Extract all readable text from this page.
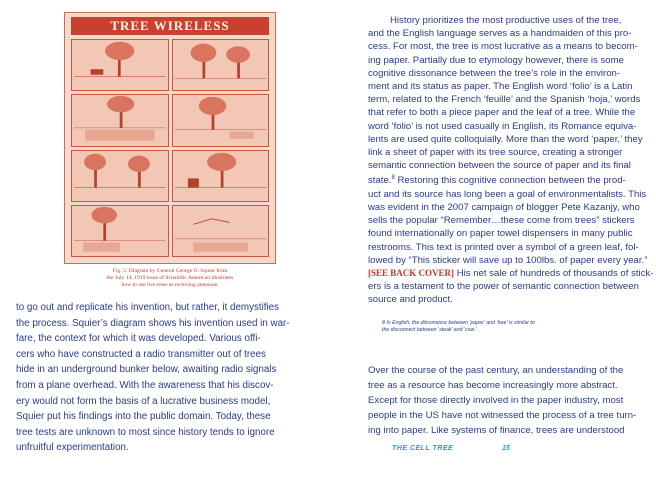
TREE WIRELESS
Fig. 5: Diagram by General George O. Squier from
the July 14, 1919 issue of Scientific American illustrates
how to use live trees as receiving antennae.
to go out and replicate his invention, but rather, it demystifies
the process. Squier’s diagram shows his invention used in war-
fare, the context for which it was developed. Various offi-
cers who have constructed a radio transmitter out of trees
hide in an underground bunker below, awaiting radio signals
from a plane overhead. With the awareness that his discov-
ery would not form the basis of a lucrative business model,
Squier put his findings into the public domain. Today, these
tree tests are unknown to most since history tends to ignore
unfruitful experimentation.
History prioritizes the most productive uses of the tree,
and the English language serves as a handmaiden of this pro-
cess. For most, the tree is most lucrative as a means to becom-
ing paper. Partially due to etymology however, there is some
cognitive dissonance between the tree’s role in the environ-
ment and its status as paper. The English word ‘folio’ is a Latin
term, related to the French ‘feuille’ and the Spanish ‘hoja,’ words
that refer to both a piece paper and the leaf of a tree. While the
word ‘folio’ is not used casually in English, its Romance equiva-
lents are used quite colloquially. More than the word ‘paper,’ they
link a sheet of paper with its tree source, creating a stronger
semantic connection between the source of paper and its final
state.$^8$ Restoring this cognitive connection between the prod-
uct and its source has long been a goal of environmentalists. This
was evident in the 2007 campaign of blogger Pete Kazanjy, who
sells the popular “Remember…these come from trees” stickers
found internationally on paper towel dispensers in many public
restrooms. This text is printed over a symbol of a green leaf, fol-
lowed by “This sticker will save up to 100lbs. of paper every year.”
[SEE BACK COVER] His net sale of hundreds of thousands of stick-
ers is a testament to the power of semantic connection between
source and product.
8 In English, the dissonance between ‘paper’ and ‘tree’ is similar to
the disconnect between ‘steak’ and ‘cow.’
Over the course of the past century, an understanding of the
tree as a resource has become increasingly more abstract.
Except for those directly involved in the paper industry, most
people in the US have not witnessed the process of a tree turn-
ing into paper. Like systems of finance, trees are understood
THE CELL TREE	15
